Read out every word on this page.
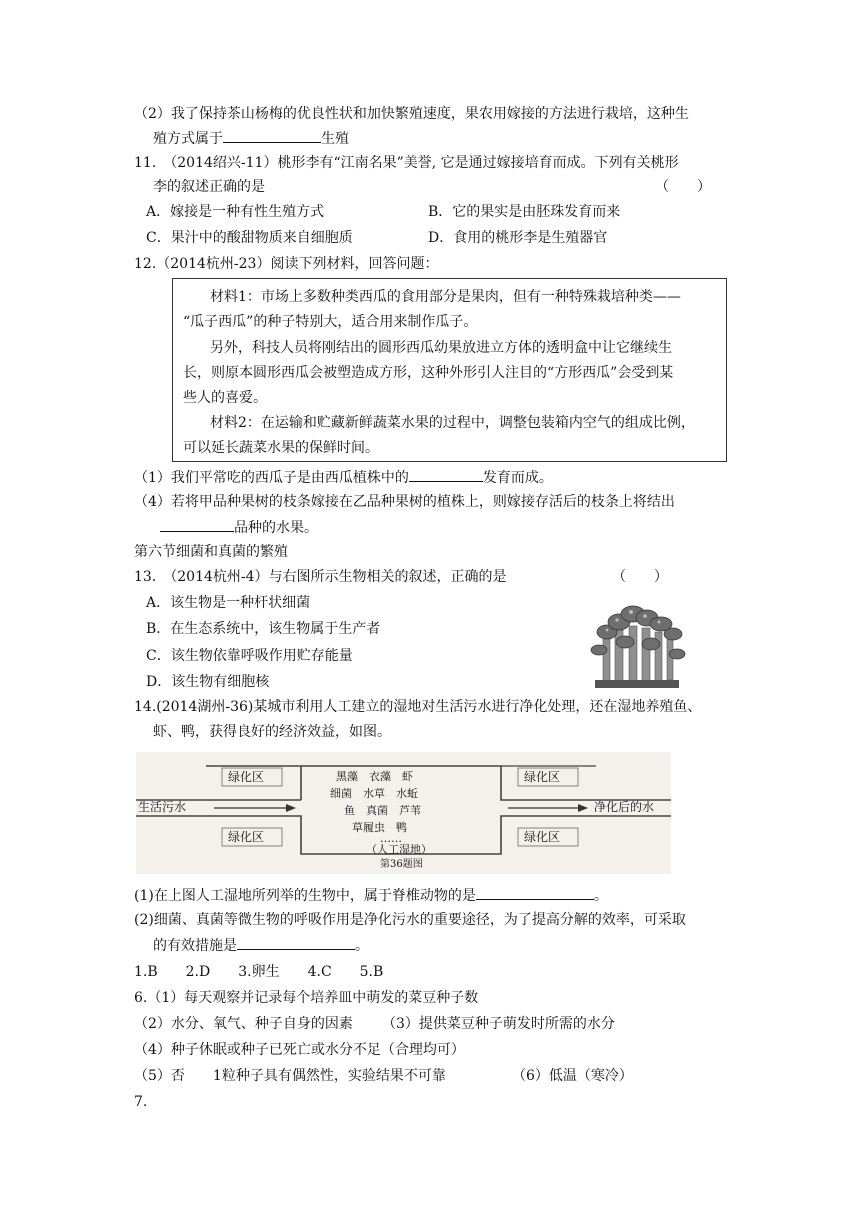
（2）我了保持茶山杨梅的优良性状和加快繁殖速度，果农用嫁接的方法进行栽培，这种生
殖方式属于	生殖
11.　（2014绍兴-11）桃形李有“江南名果”美誉, 它是通过嫁接培育而成。下列有关桃形
李的叙述正确的是	（　　）
A．嫁接是一种有性生殖方式	B．它的果实是由胚珠发育而来
C．果汁中的酸甜物质来自细胞质	D．食用的桃形李是生殖器官
12.（2014杭州-23）阅读下列材料，回答问题：
材料1：市场上多数种类西瓜的食用部分是果肉，但有一种特殊栽培种类——
“瓜子西瓜”的种子特别大，适合用来制作瓜子。
另外，科技人员将刚结出的圆形西瓜幼果放进立方体的透明盒中让它继续生
长，则原本圆形西瓜会被塑造成方形，这种外形引人注目的“方形西瓜”会受到某
些人的喜爱。
材料2：在运输和贮藏新鲜蔬菜水果的过程中，调整包装箱内空气的组成比例，
可以延长蔬菜水果的保鲜时间。
（1）我们平常吃的西瓜子是由西瓜植株中的	发育而成。
（4）若将甲品种果树的枝条嫁接在乙品种果树的植株上，则嫁接存活后的枝条上将结出
品种的水果。
第六节细菌和真菌的繁殖
13.　（2014杭州-4）与右图所示生物相关的叙述，正确的是	（　　）
A．该生物是一种杆状细菌
B．在生态系统中，该生物属于生产者
C．该生物依靠呼吸作用贮存能量
D．该生物有细胞核
14.(2014湖州-36)某城市利用人工建立的湿地对生活污水进行净化处理，还在湿地养殖鱼、
虾、鸭，获得良好的经济效益，如图。
绿化区
绿化区
绿化区
绿化区
生活污水	净化后的水
黑藻　衣藻　虾
细菌　水草　水蚯
鱼　真菌　芦苇
草履虫　鸭
……
（人工湿地）
第36题图
(1)在上图人工湿地所列举的生物中，属于脊椎动物的是	。
(2)细菌、真菌等微生物的呼吸作用是净化污水的重要途径，为了提高分解的效率，可采取
的有效措施是	。
1.B　　2.D　　3.卵生　　4.C　　5.B
6.（1）每天观察并记录每个培养皿中萌发的菜豆种子数
（2）水分、氧气、种子自身的因素 （3）提供菜豆种子萌发时所需的水分
（4）种子休眠或种子已死亡或水分不足（合理均可）
（5）否　　1粒种子具有偶然性，实验结果不可靠	（6）低温（寒冷）
7.
